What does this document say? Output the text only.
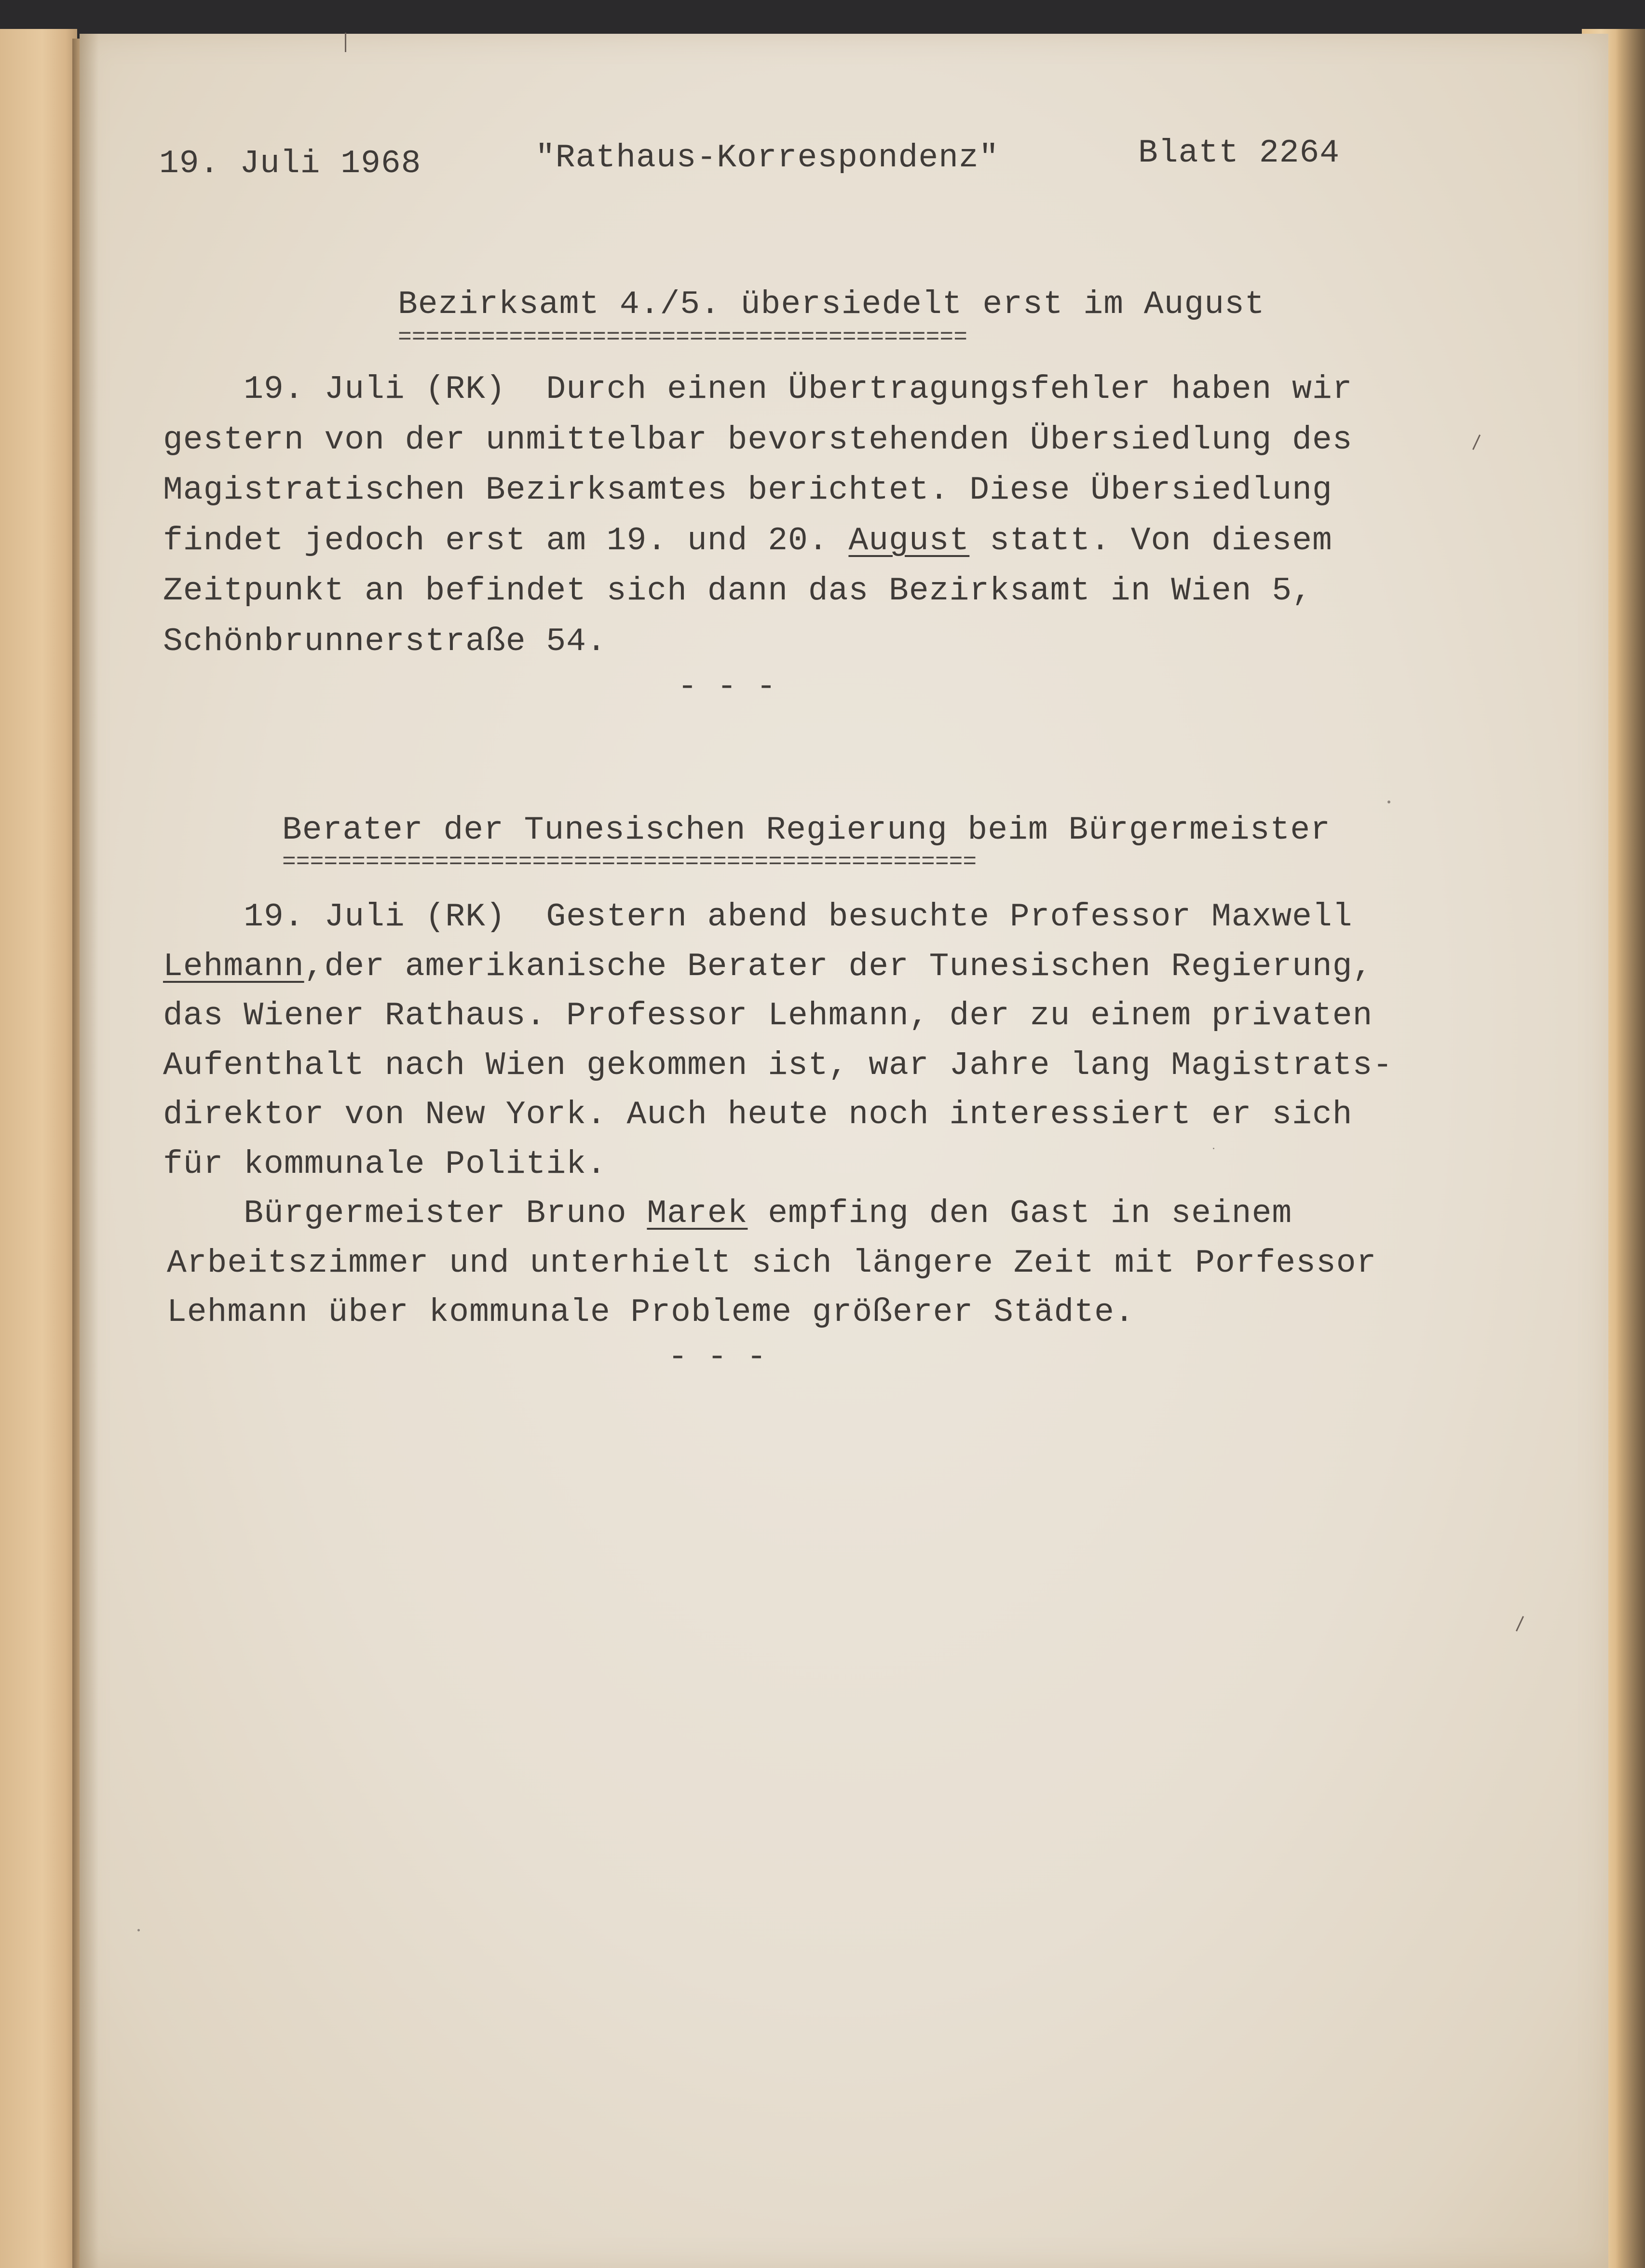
19. Juli 1968	"Rathaus-Korrespondenz"	Blatt 2264
Bezirksamt 4./5. übersiedelt erst im August
=========================================
19. Juli (RK)  Durch einen Übertragungsfehler haben wir
gestern von der unmittelbar bevorstehenden Übersiedlung des
Magistratischen Bezirksamtes berichtet. Diese Übersiedlung
findet jedoch erst am 19. und 20. August statt. Von diesem
Zeitpunkt an befindet sich dann das Bezirksamt in Wien 5,
Schönbrunnerstraße 54.
- - -
Berater der Tunesischen Regierung beim Bürgermeister
==================================================
19. Juli (RK)  Gestern abend besuchte Professor Maxwell
Lehmann,der amerikanische Berater der Tunesischen Regierung,
das Wiener Rathaus. Professor Lehmann, der zu einem privaten
Aufenthalt nach Wien gekommen ist, war Jahre lang Magistrats-
direktor von New York. Auch heute noch interessiert er sich
für kommunale Politik.
Bürgermeister Bruno Marek empfing den Gast in seinem
Arbeitszimmer und unterhielt sich längere Zeit mit Porfessor
Lehmann über kommunale Probleme größerer Städte.
- - -
